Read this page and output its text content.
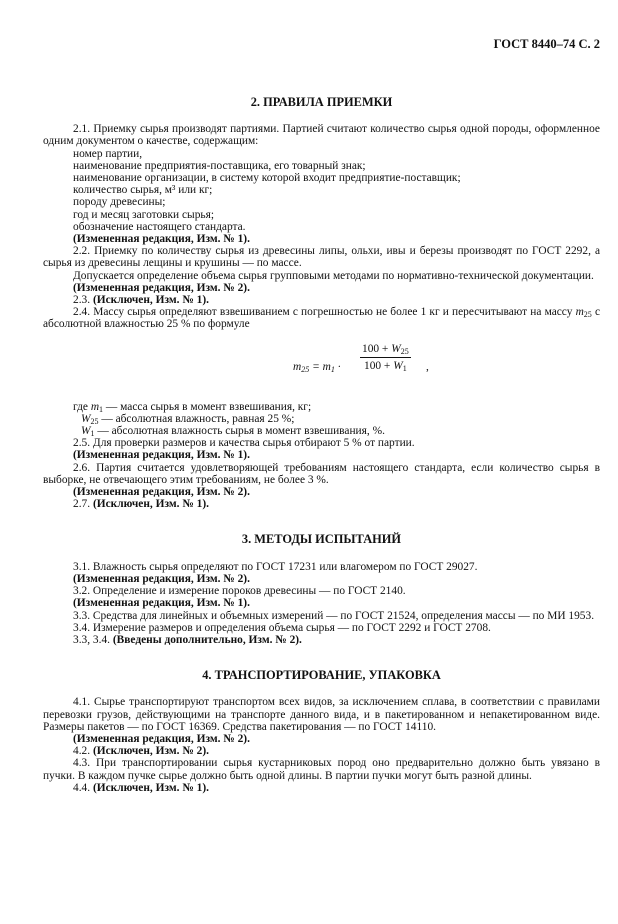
ГОСТ 8440–74 С. 2
2. ПРАВИЛА ПРИЕМКИ
2.1. Приемку сырья производят партиями. Партией считают количество сырья одной породы, оформленное одним документом о качестве, содержащим:
номер партии,
наименование предприятия-поставщика, его товарный знак;
наименование организации, в систему которой входит предприятие-поставщик;
количество сырья, м³ или кг;
породу древесины;
год и месяц заготовки сырья;
обозначение настоящего стандарта.
(Измененная редакция, Изм. № 1).
2.2. Приемку по количеству сырья из древесины липы, ольхи, ивы и березы производят по ГОСТ 2292, а сырья из древесины лещины и крушины — по массе.
Допускается определение объема сырья групповыми методами по нормативно-технической документации.
(Измененная редакция, Изм. № 2).
2.3. (Исключен, Изм. № 1).
2.4. Массу сырья определяют взвешиванием с погрешностью не более 1 кг и пересчитывают на массу $m_{25}$ с абсолютной влажностью 25 % по формуле
$m_{25} = m_1 \cdot \frac{100 + W_{25}}{100 + W_1}$ ,
где $m_1$ — масса сырья в момент взвешивания, кг;
$W_{25}$ — абсолютная влажность, равная 25 %;
$W_1$ — абсолютная влажность сырья в момент взвешивания, %.
2.5. Для проверки размеров и качества сырья отбирают 5 % от партии.
(Измененная редакция, Изм. № 1).
2.6. Партия считается удовлетворяющей требованиям настоящего стандарта, если количество сырья в выборке, не отвечающего этим требованиям, не более 3 %.
(Измененная редакция, Изм. № 2).
2.7. (Исключен, Изм. № 1).
3. МЕТОДЫ ИСПЫТАНИЙ
3.1. Влажность сырья определяют по ГОСТ 17231 или влагомером по ГОСТ 29027.
(Измененная редакция, Изм. № 2).
3.2. Определение и измерение пороков древесины — по ГОСТ 2140.
(Измененная редакция, Изм. № 1).
3.3. Средства для линейных и объемных измерений — по ГОСТ 21524, определения массы — по МИ 1953.
3.4. Измерение размеров и определения объема сырья — по ГОСТ 2292 и ГОСТ 2708.
3.3, 3.4. (Введены дополнительно, Изм. № 2).
4. ТРАНСПОРТИРОВАНИЕ, УПАКОВКА
4.1. Сырье транспортируют транспортом всех видов, за исключением сплава, в соответствии с правилами перевозки грузов, действующими на транспорте данного вида, и в пакетированном и непакетированном виде. Размеры пакетов — по ГОСТ 16369. Средства пакетирования — по ГОСТ 14110.
(Измененная редакция, Изм. № 2).
4.2. (Исключен, Изм. № 2).
4.3. При транспортировании сырья кустарниковых пород оно предварительно должно быть увязано в пучки. В каждом пучке сырье должно быть одной длины. В партии пучки могут быть разной длины.
4.4. (Исключен, Изм. № 1).
